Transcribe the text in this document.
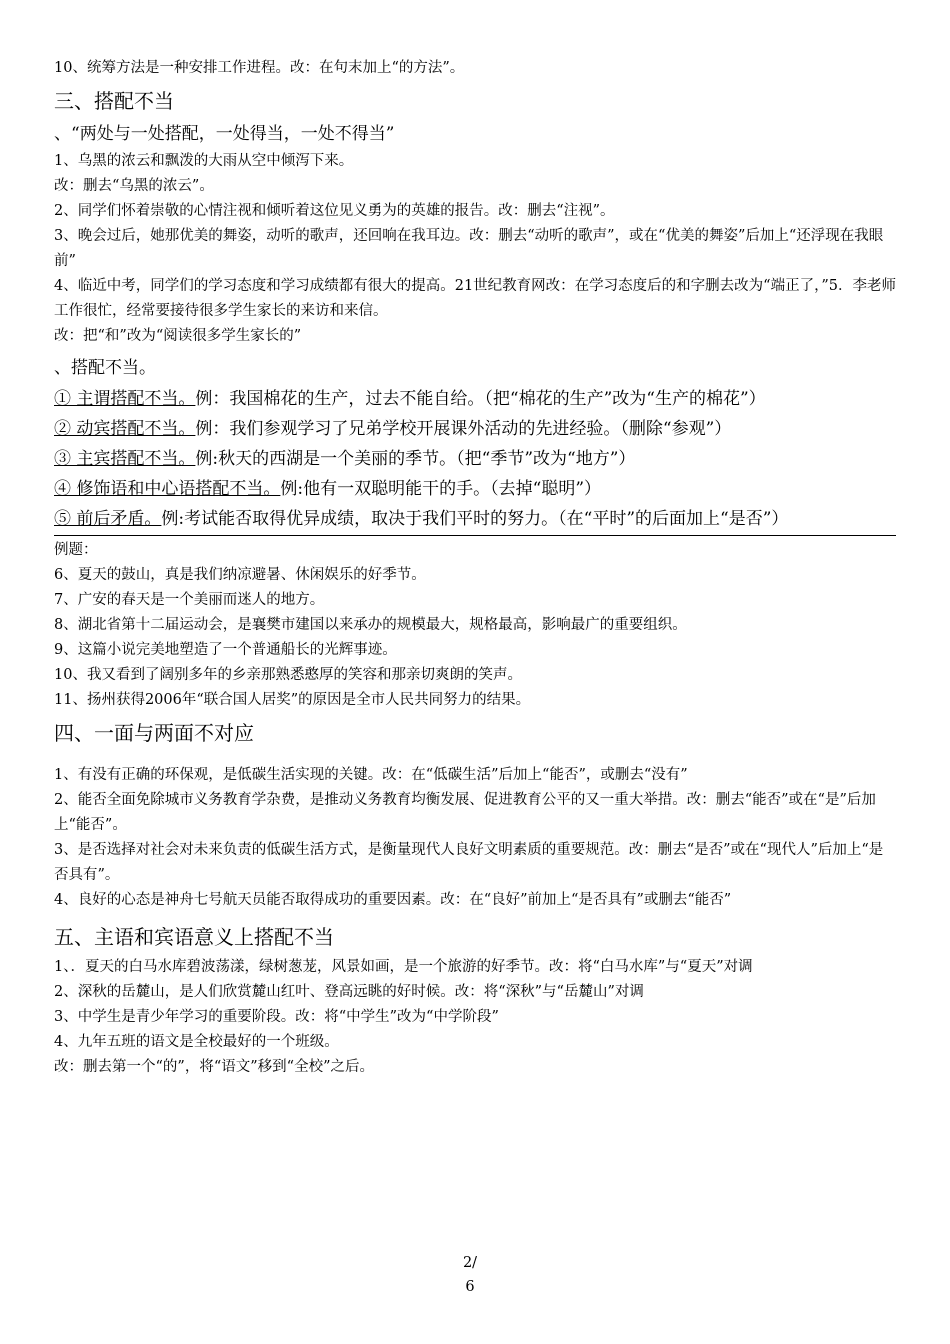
10、统筹方法是一种安排工作进程。改：在句末加上“的方法”。
三、搭配不当
、“两处与一处搭配，一处得当，一处不得当”
1、乌黑的浓云和飘泼的大雨从空中倾泻下来。
改：删去“乌黑的浓云”。
2、同学们怀着崇敬的心情注视和倾听着这位见义勇为的英雄的报告。改：删去“注视”。
3、晚会过后，她那优美的舞姿，动听的歌声，还回响在我耳边。改：删去“动听的歌声”，或在“优美的舞姿”后加上“还浮现在我眼前”
4、临近中考，同学们的学习态度和学习成绩都有很大的提高。21世纪教育网改：在学习态度后的和字删去改为“端正了，”5．李老师工作很忙，经常要接待很多学生家长的来访和来信。
改：把“和”改为“阅读很多学生家长的”
、搭配不当。
① 主谓搭配不当。例：我国棉花的生产，过去不能自给。（把“棉花的生产”改为“生产的棉花”）
② 动宾搭配不当。例：我们参观学习了兄弟学校开展课外活动的先进经验。（删除“参观”）
③ 主宾搭配不当。例:秋天的西湖是一个美丽的季节。（把“季节”改为“地方”）
④ 修饰语和中心语搭配不当。例:他有一双聪明能干的手。（去掉“聪明”）
⑤ 前后矛盾。例:考试能否取得优异成绩，取决于我们平时的努力。（在“平时”的后面加上“是否”）
例题：
6、夏天的鼓山，真是我们纳凉避暑、休闲娱乐的好季节。
7、广安的春天是一个美丽而迷人的地方。
8、湖北省第十二届运动会，是襄樊市建国以来承办的规模最大，规格最高，影响最广的重要组织。
9、这篇小说完美地塑造了一个普通船长的光辉事迹。
10、我又看到了阔别多年的乡亲那熟悉憨厚的笑容和那亲切爽朗的笑声。
11、扬州获得2006年“联合国人居奖”的原因是全市人民共同努力的结果。
四、一面与两面不对应
1、有没有正确的环保观，是低碳生活实现的关键。改：在“低碳生活”后加上“能否”，或删去“没有”
2、能否全面免除城市义务教育学杂费，是推动义务教育均衡发展、促进教育公平的又一重大举措。改：删去“能否”或在“是”后加上“能否”。
3、是否选择对社会对未来负责的低碳生活方式，是衡量现代人良好文明素质的重要规范。改：删去“是否”或在“现代人”后加上“是否具有”。
4、良好的心态是神舟七号航天员能否取得成功的重要因素。改：在“良好”前加上“是否具有”或删去“能否”
五、主语和宾语意义上搭配不当
1、．夏天的白马水库碧波荡漾，绿树葱茏，风景如画，是一个旅游的好季节。改：将“白马水库”与“夏天”对调
2、深秋的岳麓山，是人们欣赏麓山红叶、登高远眺的好时候。改：将“深秋”与“岳麓山”对调
3、中学生是青少年学习的重要阶段。改：将“中学生”改为“中学阶段”
4、九年五班的语文是全校最好的一个班级。
改：删去第一个“的”，将“语文”移到“全校”之后。
2/
6
